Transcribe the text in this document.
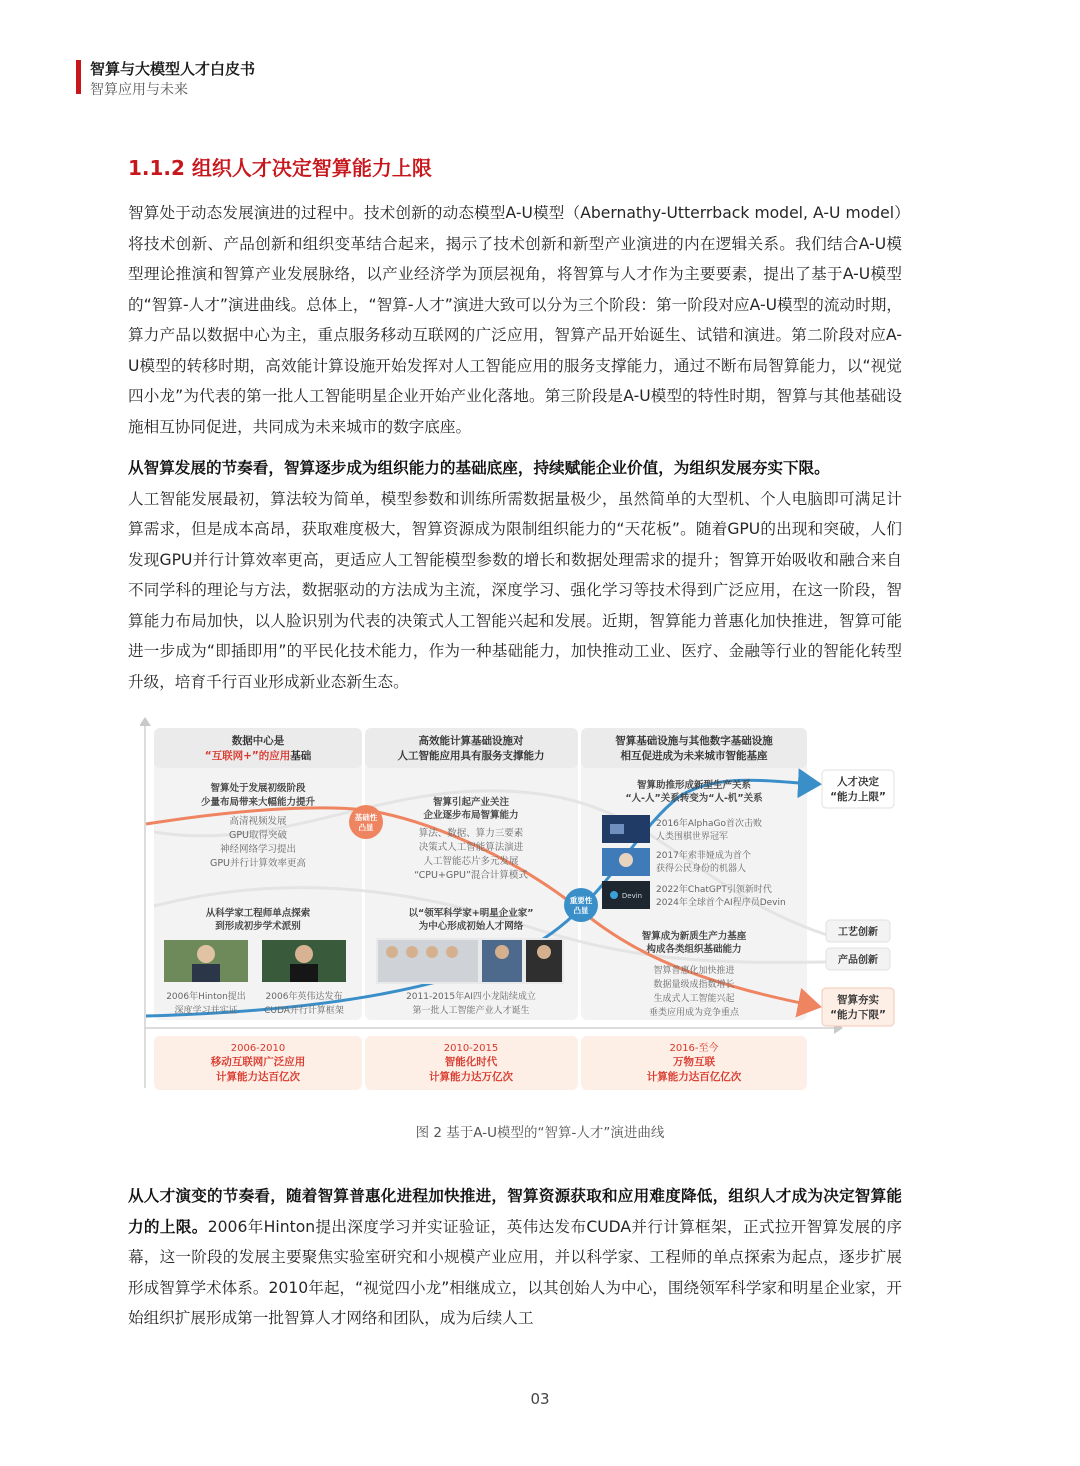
智算与大模型人才白皮书
智算应用与未来
1.1.2 组织人才决定智算能力上限

智算处于动态发展演进的过程中。技术创新的动态模型A-U模型（Abernathy-Utterrback model, A-U model）将技术创新、产品创新和组织变革结合起来，揭示了技术创新和新型产业演进的内在逻辑关系。我们结合A-U模型理论推演和智算产业发展脉络，以产业经济学为顶层视角，将智算与人才作为主要要素，提出了基于A-U模型的“智算-人才”演进曲线。总体上，“智算-人才”演进大致可以分为三个阶段：第一阶段对应A-U模型的流动时期，算力产品以数据中心为主，重点服务移动互联网的广泛应用，智算产品开始诞生、试错和演进。第二阶段对应A-U模型的转移时期，高效能计算设施开始发挥对人工智能应用的服务支撑能力，通过不断布局智算能力，以“视觉四小龙”为代表的第一批人工智能明星企业开始产业化落地。第三阶段是A-U模型的特性时期，智算与其他基础设施相互协同促进，共同成为未来城市的数字底座。

从智算发展的节奏看，智算逐步成为组织能力的基础底座，持续赋能企业价值，为组织发展夯实下限。

人工智能发展最初，算法较为简单，模型参数和训练所需数据量极少，虽然简单的大型机、个人电脑即可满足计算需求，但是成本高昂，获取难度极大，智算资源成为限制组织能力的“天花板”。随着GPU的出现和突破，人们发现GPU并行计算效率更高，更适应人工智能模型参数的增长和数据处理需求的提升；智算开始吸收和融合来自不同学科的理论与方法，数据驱动的方法成为主流，深度学习、强化学习等技术得到广泛应用，在这一阶段，智算能力布局加快，以人脸识别为代表的决策式人工智能兴起和发展。近期，智算能力普惠化加快推进，智算可能进一步成为“即插即用”的平民化技术能力，作为一种基础能力，加快推动工业、医疗、金融等行业的智能化转型升级，培育千行百业形成新业态新生态。

数据中心是
“互联网+”的应用基础
高效能计算基础设施对
人工智能应用具有服务支撑能力
智算基础设施与其他数字基础设施
相互促进成为未来城市智能基座
智算处于发展初级阶段
少量布局带来大幅能力提升
高清视频发展
GPU取得突破
神经网络学习提出
GPU并行计算效率更高
从科学家工程师单点探索
到形成初步学术派别
2006年Hinton提出
深度学习并实证
2006年英伟达发布
CUDA并行计算框架
智算引起产业关注
企业逐步布局智算能力
算法、数据、算力三要素
决策式人工智能算法演进
人工智能芯片多元发展
“CPU+GPU”混合计算模式
以“领军科学家+明星企业家”
为中心形成初始人才网络
2011-2015年AI四小龙陆续成立
第一批人工智能产业人才诞生
智算助推形成新型生产关系
“人-人”关系转变为“人-机”关系
Devin
2016年AlphaGo首次击败
人类围棋世界冠军
2017年索菲娅成为首个
获得公民身份的机器人
2022年ChatGPT引领新时代
2024年全球首个AI程序员Devin
智算成为新质生产力基座
构成各类组织基础能力
智算普惠化加快推进
数据量级成指数增长
生成式人工智能兴起
垂类应用成为竞争重点
基础性
凸显
重要性
凸显
人才决定
“能力上限”
工艺创新
产品创新
智算夯实
“能力下限”
2006-2010
移动互联网广泛应用
计算能力达百亿次
2010-2015
智能化时代
计算能力达万亿次
2016-至今
万物互联
计算能力达百亿亿次
图 2 基于A-U模型的“智算-人才”演进曲线

从人才演变的节奏看，随着智算普惠化进程加快推进，智算资源获取和应用难度降低，组织人才成为决定智算能力的上限。2006年Hinton提出深度学习并实证验证，英伟达发布CUDA并行计算框架，正式拉开智算发展的序幕，这一阶段的发展主要聚焦实验室研究和小规模产业应用，并以科学家、工程师的单点探索为起点，逐步扩展形成智算学术体系。2010年起，“视觉四小龙”相继成立，以其创始人为中心，围绕领军科学家和明星企业家，开始组织扩展形成第一批智算人才网络和团队，成为后续人工

03
